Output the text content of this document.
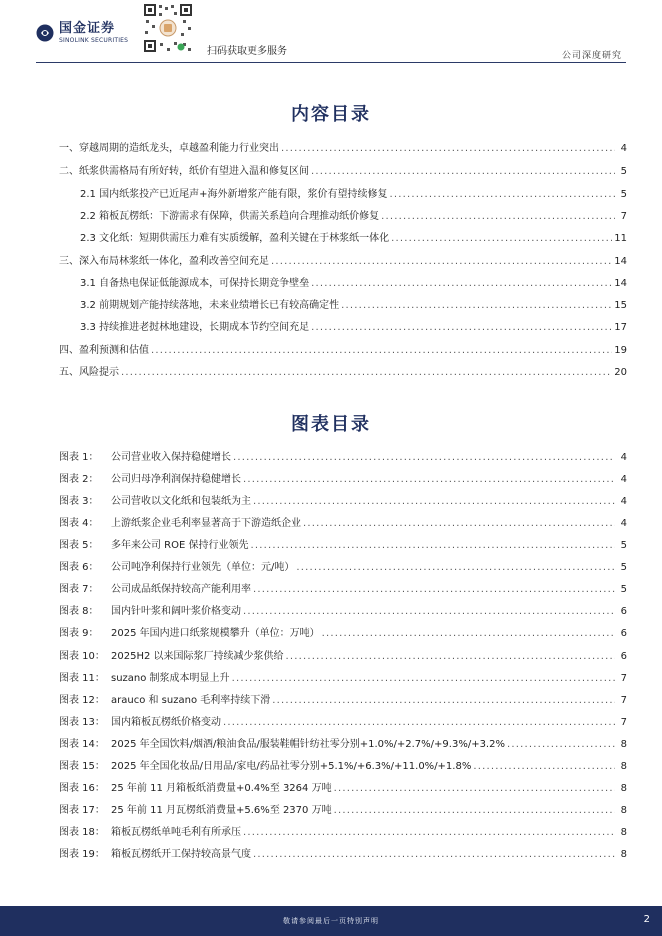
国金证券
SINOLINK SECURITIES
扫码获取更多服务	公司深度研究
内容目录
一、穿越周期的造纸龙头，卓越盈利能力行业突出 .....	4
二、纸浆供需格局有所好转，纸价有望进入温和修复区间 .....	5
2.1 国内纸浆投产已近尾声+海外新增浆产能有限，浆价有望持续修复 .....	5
2.2 箱板瓦楞纸：下游需求有保障，供需关系趋向合理推动纸价修复 .....	7
2.3 文化纸：短期供需压力难有实质缓解，盈利关键在于林浆纸一体化 .....	11
三、深入布局林浆纸一体化，盈利改善空间充足 .....	14
3.1 自备热电保证低能源成本，可保持长期竞争壁垒 .....	14
3.2 前期规划产能持续落地，未来业绩增长已有较高确定性 .....	15
3.3 持续推进老挝林地建设，长期成本节约空间充足 .....	17
四、盈利预测和估值 .....	19
五、风险提示 .....	20
图表目录
图表 1：	公司营业收入保持稳健增长 .....	4
图表 2：	公司归母净利润保持稳健增长 .....	4
图表 3：	公司营收以文化纸和包装纸为主 .....	4
图表 4：	上游纸浆企业毛利率显著高于下游造纸企业 .....	4
图表 5：	多年来公司 ROE 保持行业领先 .....	5
图表 6：	公司吨净利保持行业领先（单位：元/吨） .....	5
图表 7：	公司成品纸保持较高产能利用率 .....	5
图表 8：	国内针叶浆和阔叶浆价格变动 .....	6
图表 9：	2025 年国内进口纸浆规模攀升（单位：万吨） .....	6
图表 10： 2025H2 以来国际浆厂持续减少浆供给 .....	6
图表 11： suzano 制浆成本明显上升 .....	7
图表 12： arauco 和 suzano 毛利率持续下滑 .....	7
图表 13： 国内箱板瓦楞纸价格变动 .....	7
图表 14： 2025 年全国饮料/烟酒/粮油食品/服装鞋帽针纺社零分别+1.0%/+2.7%/+9.3%/+3.2% .....	8
图表 15： 2025 年全国化妆品/日用品/家电/药品社零分别+5.1%/+6.3%/+11.0%/+1.8% .....	8
图表 16： 25 年前 11 月箱板纸消费量+0.4%至 3264 万吨 .....	8
图表 17： 25 年前 11 月瓦楞纸消费量+5.6%至 2370 万吨 .....	8
图表 18： 箱板瓦楞纸单吨毛利有所承压 .....	8
图表 19： 箱板瓦楞纸开工保持较高景气度 .....	8
敬请参阅最后一页特别声明	2
